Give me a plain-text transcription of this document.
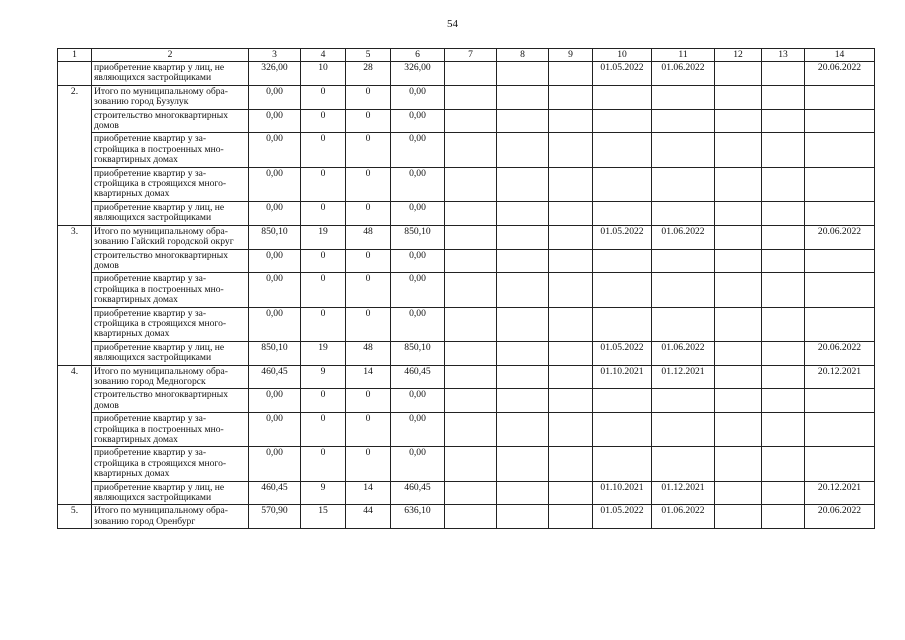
54
1	2	3	4	5	6	7	8	9	10	11	12	13	14
	приобретение квартир у лиц, не являющихся застройщиками	326,00	10	28	326,00				01.05.2022	01.06.2022			20.06.2022
2.	Итого по муниципальному обра-зованию город Бузулук	0,00	0	0	0,00								
	строительство многоквартирных домов	0,00	0	0	0,00								
	приобретение квартир у за-стройщика в построенных мно-гоквартирных домах	0,00	0	0	0,00								
	приобретение квартир у за-стройщика в строящихся много-квартирных домах	0,00	0	0	0,00								
	приобретение квартир у лиц, не являющихся застройщиками	0,00	0	0	0,00								
3.	Итого по муниципальному обра-зованию Гайский городской округ	850,10	19	48	850,10				01.05.2022	01.06.2022			20.06.2022
	строительство многоквартирных домов	0,00	0	0	0,00								
	приобретение квартир у за-стройщика в построенных мно-гоквартирных домах	0,00	0	0	0,00								
	приобретение квартир у за-стройщика в строящихся много-квартирных домах	0,00	0	0	0,00								
	приобретение квартир у лиц, не являющихся застройщиками	850,10	19	48	850,10				01.05.2022	01.06.2022			20.06.2022
4.	Итого по муниципальному обра-зованию город Медногорск	460,45	9	14	460,45				01.10.2021	01.12.2021			20.12.2021
	строительство многоквартирных домов	0,00	0	0	0,00								
	приобретение квартир у за-стройщика в построенных мно-гоквартирных домах	0,00	0	0	0,00								
	приобретение квартир у за-стройщика в строящихся много-квартирных домах	0,00	0	0	0,00								
	приобретение квартир у лиц, не являющихся застройщиками	460,45	9	14	460,45				01.10.2021	01.12.2021			20.12.2021
5.	Итого по муниципальному обра-зованию город Оренбург	570,90	15	44	636,10				01.05.2022	01.06.2022			20.06.2022
